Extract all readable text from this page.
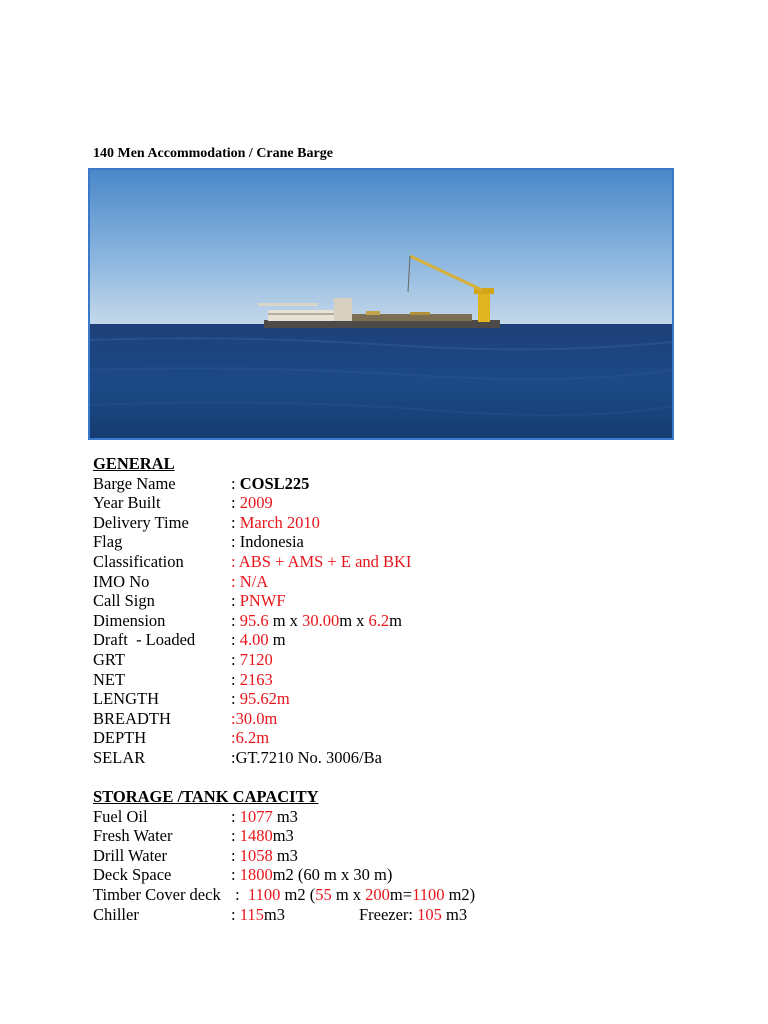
140 Men Accommodation / Crane Barge
GENERAL
Barge Name	: COSL225
Year Built	: 2009
Delivery Time	: March 2010
Flag	: Indonesia
Classification	: ABS + AMS + E and BKI
IMO No	: N/A
Call Sign	: PNWF
Dimension	: 95.6 m x 30.00m x 6.2m
Draft  - Loaded : 4.00 m
GRT	: 7120
NET	: 2163
LENGTH	: 95.62m
BREADTH	:30.0m
DEPTH	:6.2m
SELAR	:GT.7210 No. 3006/Ba
STORAGE /TANK CAPACITY
Fuel Oil	: 1077 m3
Fresh Water	: 1480m3
Drill Water	: 1058 m3
Deck Space	: 1800m2 (60 m x 30 m)
Timber Cover deck :  1100 m2 (55 m x 200m=1100 m2)
Chiller	: 115m3	Freezer: 105 m3
